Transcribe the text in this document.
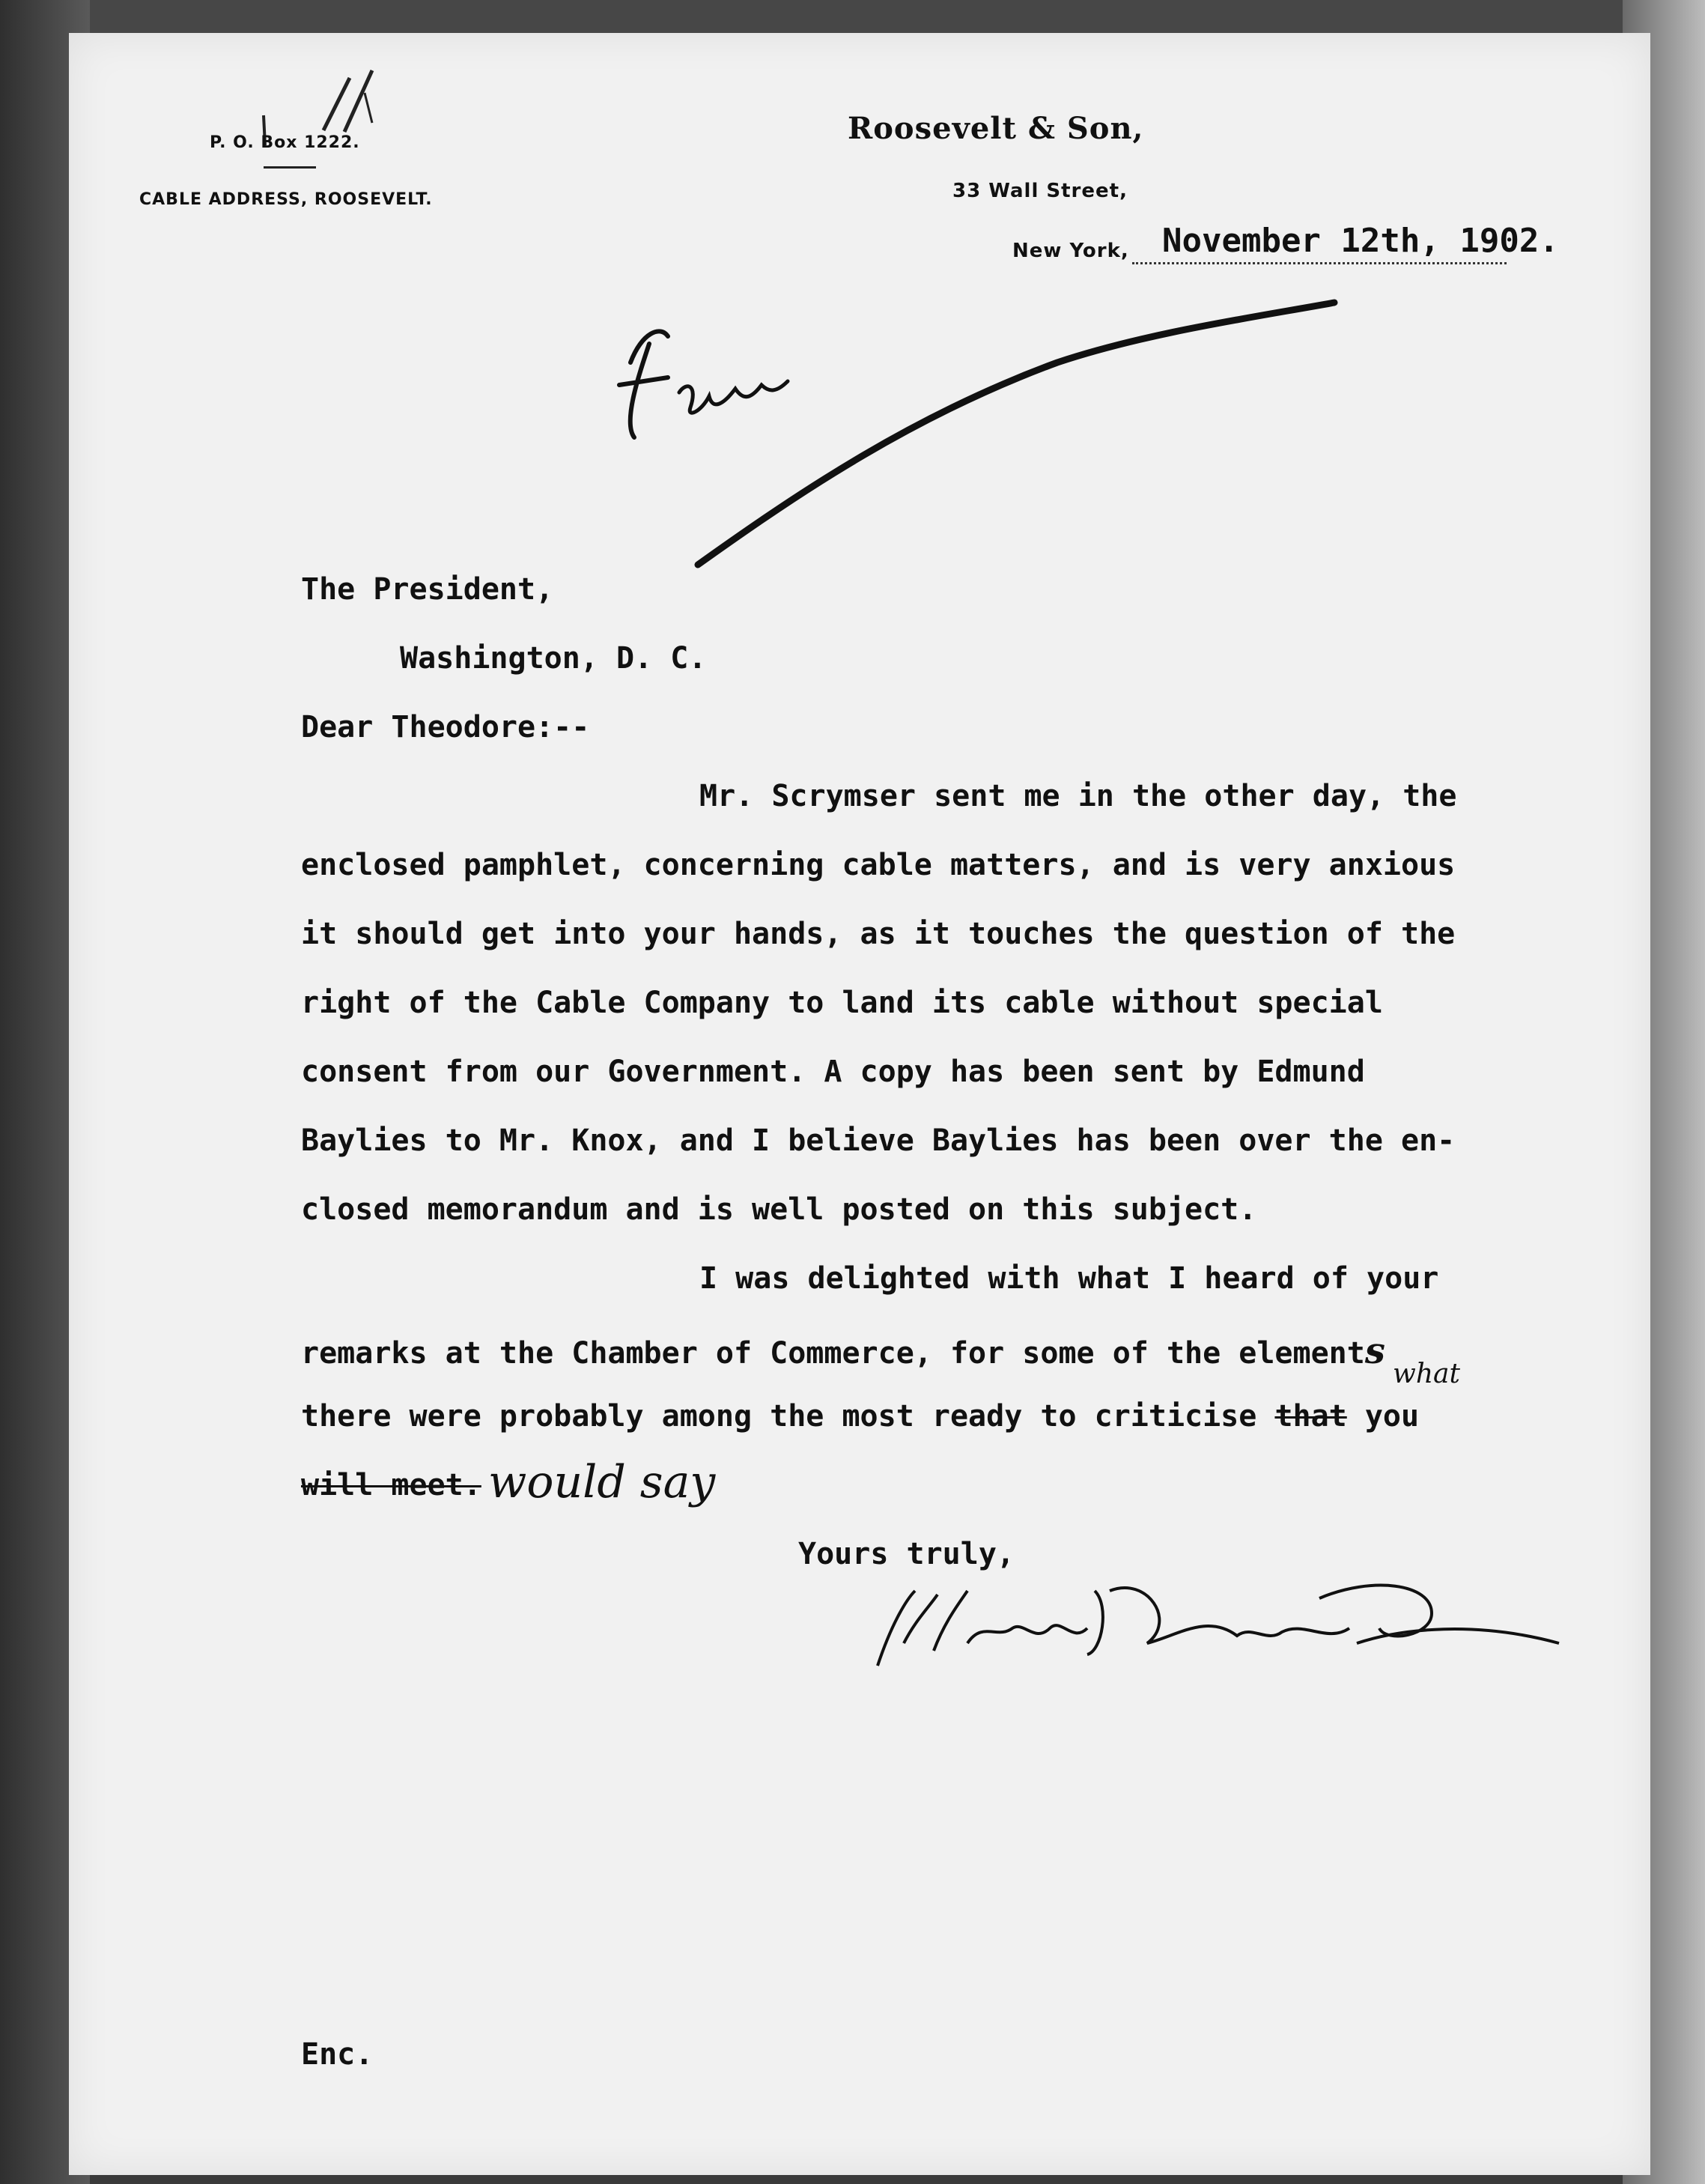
P. O. Box 1222.
CABLE ADDRESS, ROOSEVELT.
Roosevelt & Son,
33 Wall Street,
New York, November 12th, 1902.
The President,
Washington, D. C.
Dear Theodore:--
Mr. Scrymser sent me in the other day, the
enclosed pamphlet, concerning cable matters, and is very anxious
it should get into your hands, as it touches the question of the
right of the Cable Company to land its cable without special
consent from our Government. A copy has been sent by Edmund
Baylies to Mr. Knox, and I believe Baylies has been over the en-
closed memorandum and is well posted on this subject.
I was delighted with what I heard of your
remarks at the Chamber of Commerce, for some of the elements
what
there were probably among the most ready to criticise that you
will meet. would say
Yours truly,
Enc.
